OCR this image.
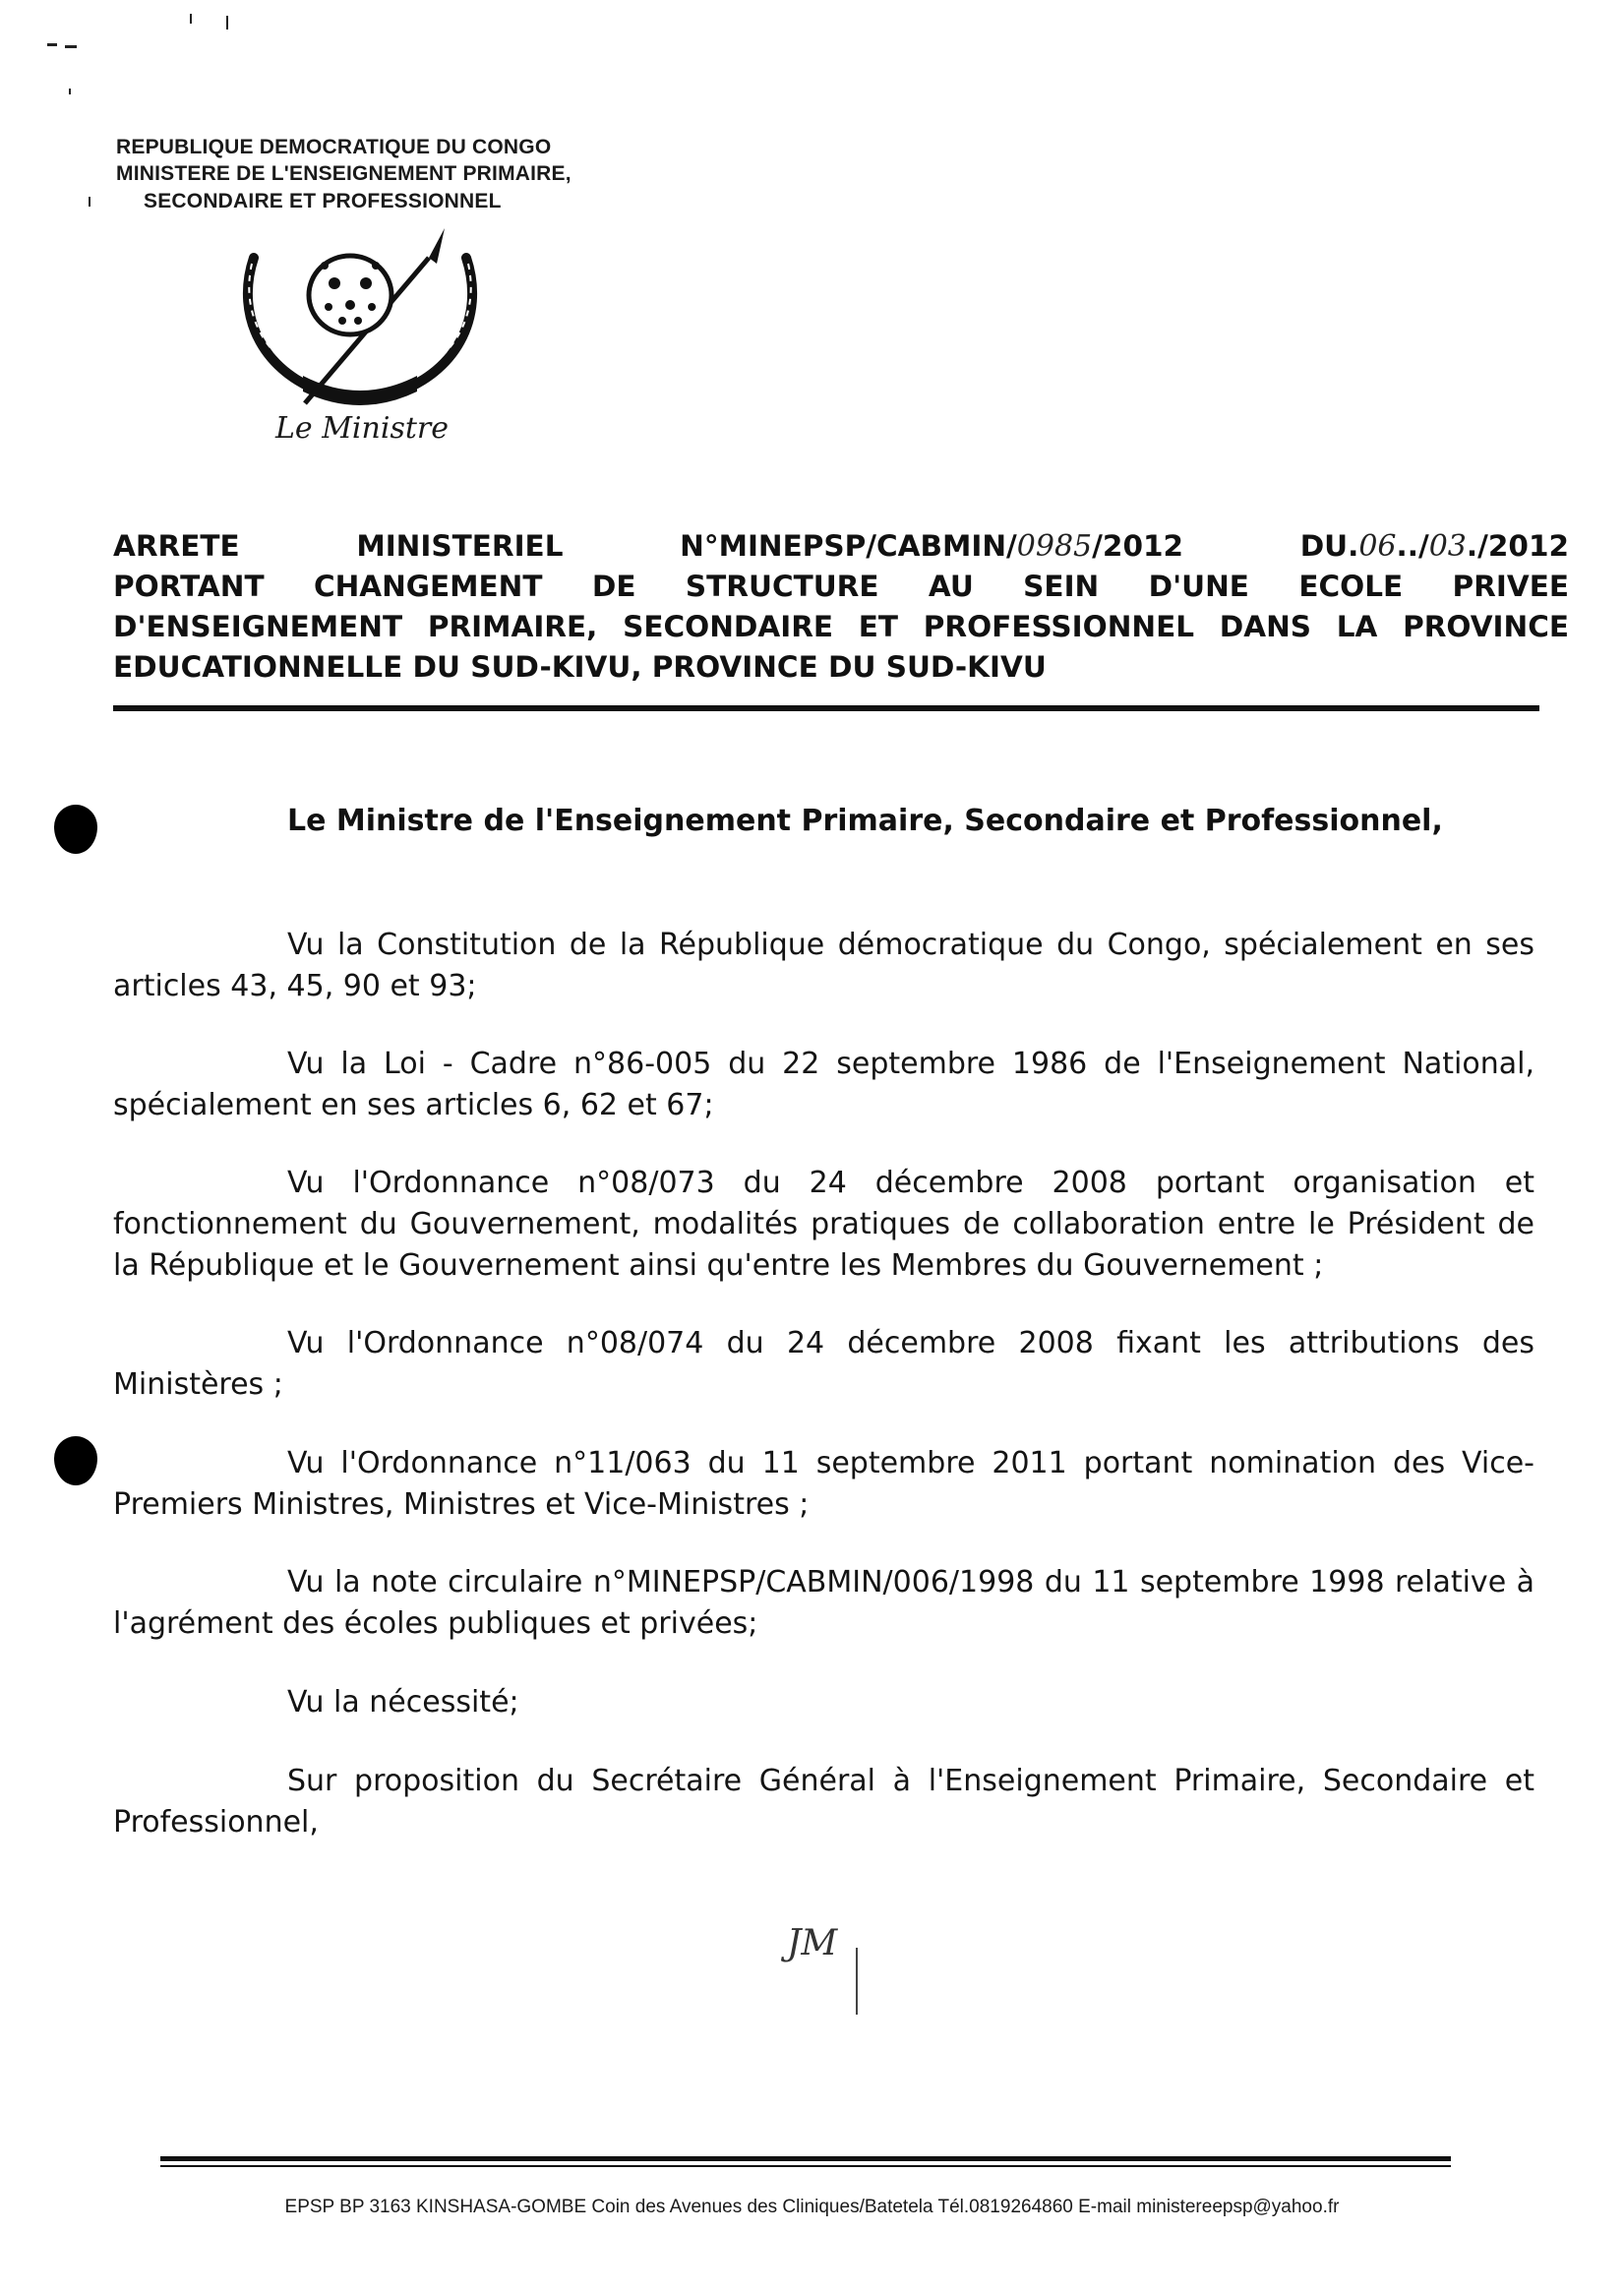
REPUBLIQUE DEMOCRATIQUE DU CONGO
MINISTERE DE L'ENSEIGNEMENT PRIMAIRE,
SECONDAIRE ET PROFESSIONNEL
Le Ministre
ARRETE	MINISTERIEL	N°MINEPSP/CABMIN/0985/2012	DU.06../03./2012
PORTANT CHANGEMENT DE STRUCTURE AU SEIN D'UNE ECOLE PRIVEE
D'ENSEIGNEMENT PRIMAIRE, SECONDAIRE ET PROFESSIONNEL DANS LA PROVINCE
EDUCATIONNELLE DU SUD-KIVU, PROVINCE DU SUD-KIVU
Le Ministre de l'Enseignement Primaire, Secondaire et Professionnel,
Vu la Constitution de la République démocratique du Congo, spécialement en ses articles 43, 45, 90 et 93;
Vu la Loi - Cadre n°86-005 du 22 septembre 1986 de l'Enseignement National, spécialement en ses articles 6, 62 et 67;
Vu l'Ordonnance n°08/073 du 24 décembre 2008 portant organisation et fonctionnement du Gouvernement, modalités pratiques de collaboration entre le Président de la République et le Gouvernement ainsi qu'entre les Membres du Gouvernement ;
Vu l'Ordonnance n°08/074 du 24 décembre 2008 fixant les attributions des Ministères ;
Vu l'Ordonnance n°11/063 du 11 septembre 2011 portant nomination des Vice-Premiers Ministres, Ministres et Vice-Ministres ;
Vu la note circulaire n°MINEPSP/CABMIN/006/1998 du 11 septembre 1998 relative à l'agrément des écoles publiques et privées;
Vu la nécessité;
Sur proposition du Secrétaire Général à l'Enseignement Primaire, Secondaire et Professionnel,
JM
EPSP BP 3163 KINSHASA-GOMBE Coin des Avenues des Cliniques/Batetela Tél.0819264860 E-mail ministereepsp@yahoo.fr
